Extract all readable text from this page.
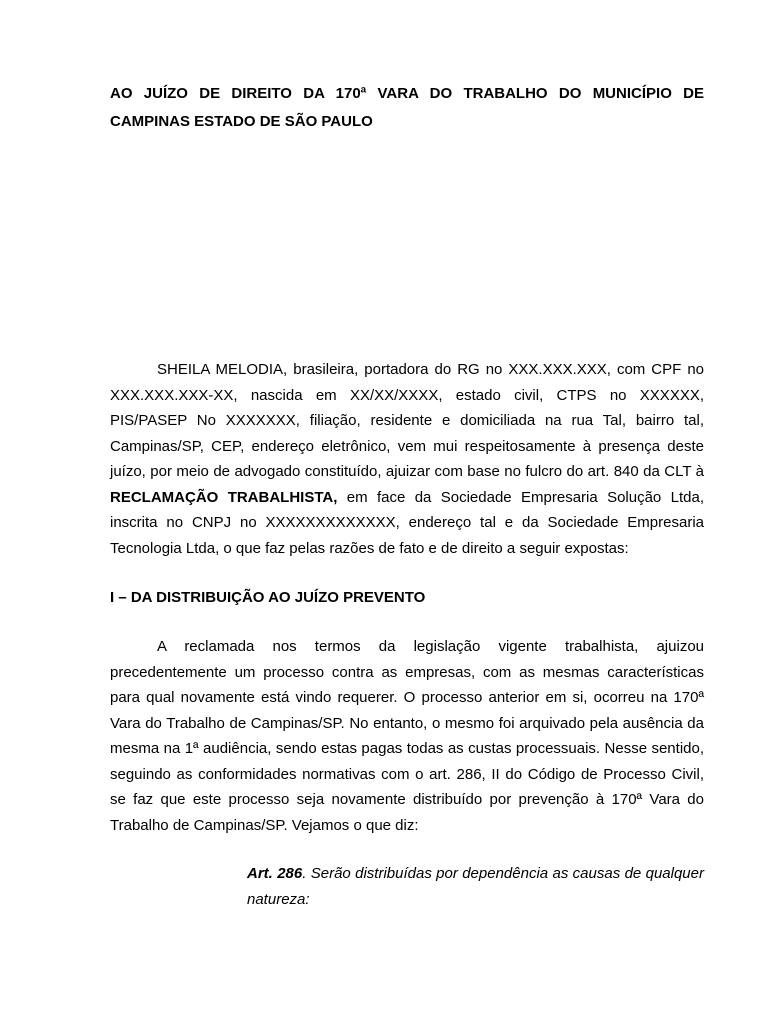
AO JUÍZO DE DIREITO DA 170ª VARA DO TRABALHO DO MUNICÍPIO DE CAMPINAS ESTADO DE SÃO PAULO

SHEILA MELODIA, brasileira, portadora do RG no XXX.XXX.XXX, com CPF no XXX.XXX.XXX-XX, nascida em XX/XX/XXXX, estado civil, CTPS no XXXXXX, PIS/PASEP No XXXXXXX, filiação, residente e domiciliada na rua Tal, bairro tal, Campinas/SP, CEP, endereço eletrônico, vem mui respeitosamente à presença deste juízo, por meio de advogado constituído, ajuizar com base no fulcro do art. 840 da CLT à RECLAMAÇÃO TRABALHISTA, em face da Sociedade Empresaria Solução Ltda, inscrita no CNPJ no XXXXXXXXXXXXX, endereço tal e da Sociedade Empresaria Tecnologia Ltda, o que faz pelas razões de fato e de direito a seguir expostas:

I – DA DISTRIBUIÇÃO AO JUÍZO PREVENTO

A reclamada nos termos da legislação vigente trabalhista, ajuizou precedentemente um processo contra as empresas, com as mesmas características para qual novamente está vindo requerer. O processo anterior em si, ocorreu na 170ª Vara do Trabalho de Campinas/SP. No entanto, o mesmo foi arquivado pela ausência da mesma na 1ª audiência, sendo estas pagas todas as custas processuais. Nesse sentido, seguindo as conformidades normativas com o art. 286, II do Código de Processo Civil, se faz que este processo seja novamente distribuído por prevenção à 170ª Vara do Trabalho de Campinas/SP. Vejamos o que diz:

Art. 286. Serão distribuídas por dependência as causas de qualquer natureza:
